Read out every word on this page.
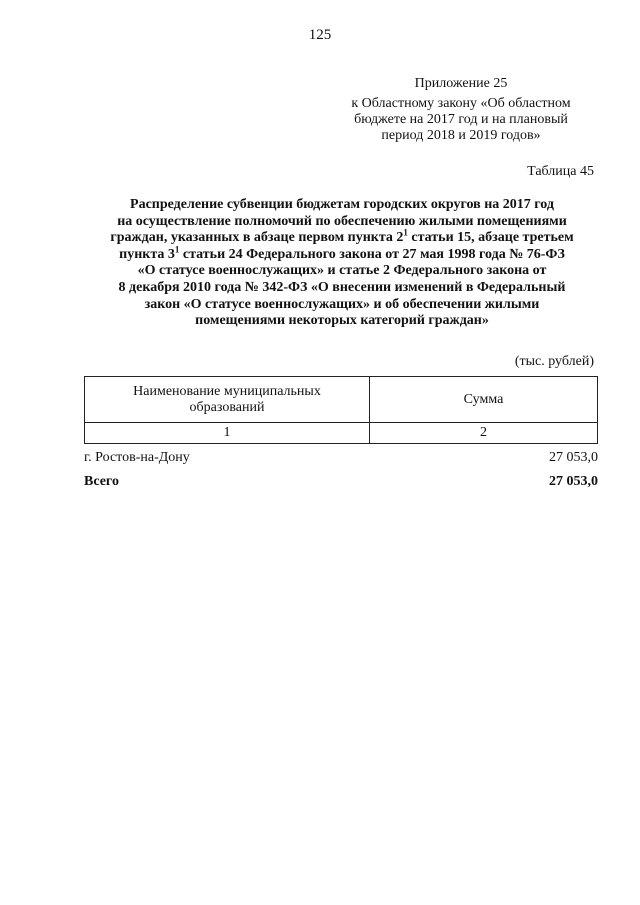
125
Приложение 25
к Областному закону «Об областном
бюджете на 2017 год и на плановый
период 2018 и 2019 годов»
Таблица 45
Распределение субвенции бюджетам городских округов на 2017 год
на осуществление полномочий по обеспечению жилыми помещениями
граждан, указанных в абзаце первом пункта $2^1$ статьи 15, абзаце третьем
пункта $3^1$ статьи 24 Федерального закона от 27 мая 1998 года № 76-ФЗ
«О статусе военнослужащих» и статье 2 Федерального закона от
8 декабря 2010 года № 342-ФЗ «О внесении изменений в Федеральный
закон «О статусе военнослужащих» и об обеспечении жилыми
помещениями некоторых категорий граждан»
(тыс. рублей)
Наименование муниципальных
образований	Сумма
1	2
г. Ростов-на-Дону	27 053,0
Всего	27 053,0
